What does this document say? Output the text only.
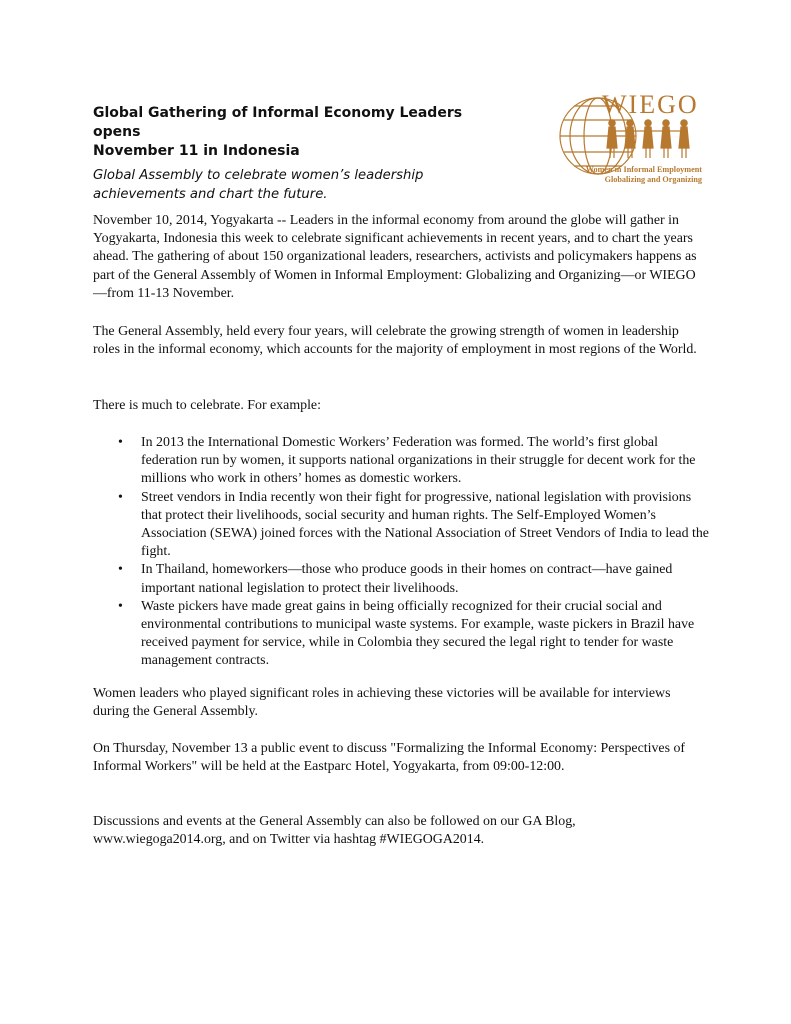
Global Gathering of Informal Economy Leaders opens
November 11 in Indonesia
Global Assembly to celebrate women’s leadership achievements and chart the future.
WIEGO
Women in Informal Employment
Globalizing and Organizing

November 10, 2014, Yogyakarta -- Leaders in the informal economy from around the globe will gather in Yogyakarta, Indonesia this week to celebrate significant achievements in recent years, and to chart the years ahead. The gathering of about 150 organizational leaders, researchers, activists and policymakers happens as part of the General Assembly of Women in Informal Employment: Globalizing and Organizing—or WIEGO—from 11-13 November.

The General Assembly, held every four years, will celebrate the growing strength of women in leadership roles in the informal economy, which accounts for the majority of employment in most regions of the World.

There is much to celebrate. For example:

• In 2013 the International Domestic Workers’ Federation was formed. The world’s first global federation run by women, it supports national organizations in their struggle for decent work for the millions who work in others’ homes as domestic workers.
• Street vendors in India recently won their fight for progressive, national legislation with provisions that protect their livelihoods, social security and human rights. The Self-Employed Women’s Association (SEWA) joined forces with the National Association of Street Vendors of India to lead the fight.
• In Thailand, homeworkers—those who produce goods in their homes on contract—have gained important national legislation to protect their livelihoods.
• Waste pickers have made great gains in being officially recognized for their crucial social and environmental contributions to municipal waste systems. For example, waste pickers in Brazil have received payment for service, while in Colombia they secured the legal right to tender for waste management contracts.

Women leaders who played significant roles in achieving these victories will be available for interviews during the General Assembly.

On Thursday, November 13 a public event to discuss "Formalizing the Informal Economy: Perspectives of Informal Workers" will be held at the Eastparc Hotel, Yogyakarta, from 09:00-12:00.

Discussions and events at the General Assembly can also be followed on our GA Blog, www.wiegoga2014.org, and on Twitter via hashtag #WIEGOGA2014.
